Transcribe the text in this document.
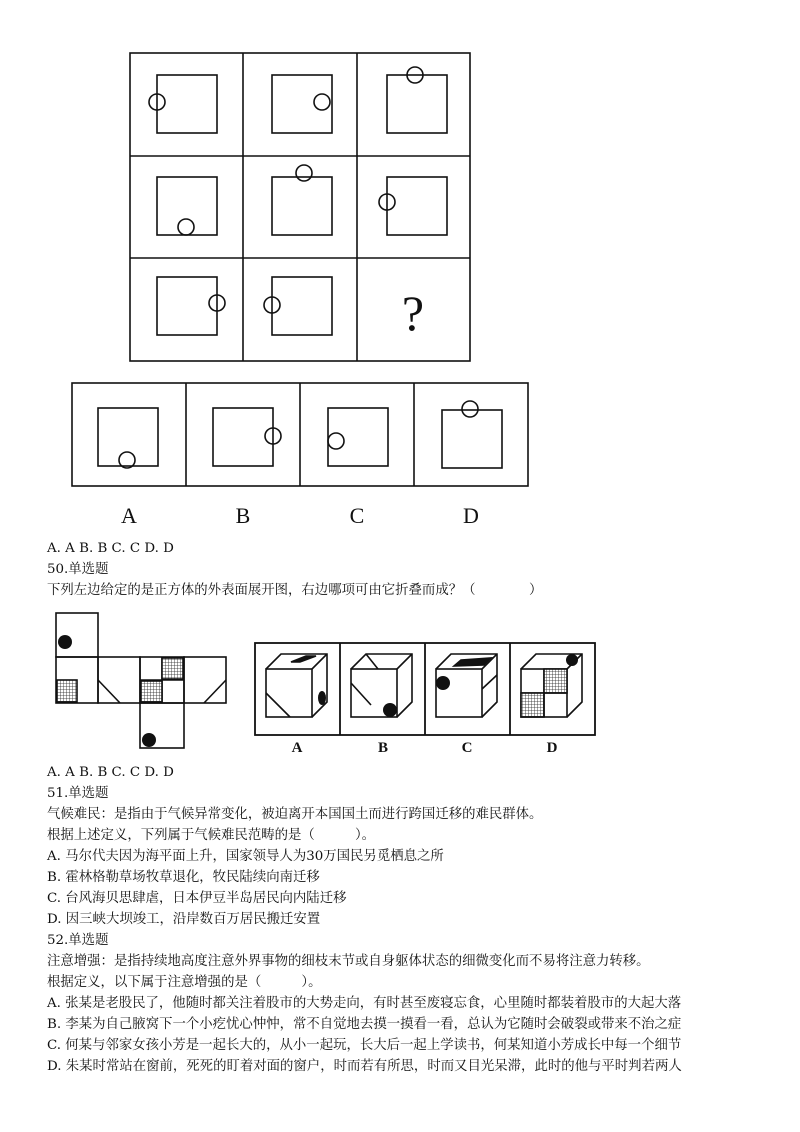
?
A	B	C	D
A. A B. B C. C D. D
50.单选题
下列左边给定的是正方体的外表面展开图，右边哪项可由它折叠而成？（　　　　）
A	B	C	D
A. A B. B C. C D. D
51.单选题
气候难民：是指由于气候异常变化，被迫离开本国国土而进行跨国迁移的难民群体。
根据上述定义，下列属于气候难民范畴的是（　　　）。
A. 马尔代夫因为海平面上升，国家领导人为30万国民另觅栖息之所
B. 霍林格勒草场牧草退化，牧民陆续向南迁移
C. 台风海贝思肆虐，日本伊豆半岛居民向内陆迁移
D. 因三峡大坝竣工，沿岸数百万居民搬迁安置
52.单选题
注意增强：是指持续地高度注意外界事物的细枝末节或自身躯体状态的细微变化而不易将注意力转移。
根据定义，以下属于注意增强的是（　　　）。
A. 张某是老股民了，他随时都关注着股市的大势走向，有时甚至废寝忘食，心里随时都装着股市的大起大落
B. 李某为自己腋窝下一个小疙忧心忡忡，常不自觉地去摸一摸看一看，总认为它随时会破裂或带来不治之症
C. 何某与邻家女孩小芳是一起长大的，从小一起玩，长大后一起上学读书，何某知道小芳成长中每一个细节
D. 朱某时常站在窗前，死死的盯着对面的窗户，时而若有所思，时而又目光呆滞，此时的他与平时判若两人
